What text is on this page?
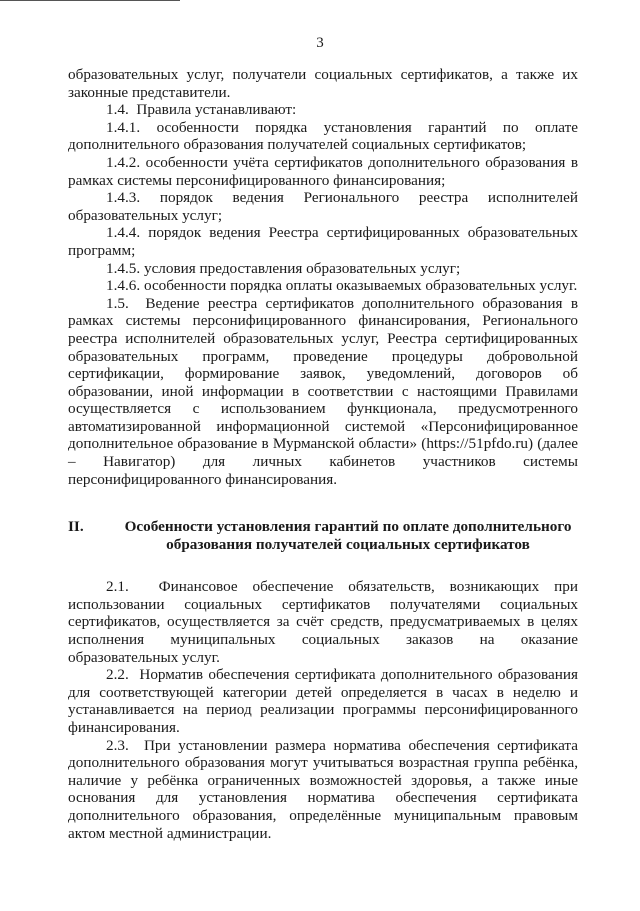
3

образовательных услуг, получатели социальных сертификатов, а также их законные представители.

1.4.  Правила устанавливают:

1.4.1. особенности порядка установления гарантий по оплате дополнительного образования получателей социальных сертификатов;

1.4.2. особенности учёта сертификатов дополнительного образования в рамках системы персонифицированного финансирования;

1.4.3. порядок ведения Регионального реестра исполнителей образовательных услуг;

1.4.4. порядок ведения Реестра сертифицированных образовательных программ;

1.4.5. условия предоставления образовательных услуг;

1.4.6. особенности порядка оплаты оказываемых образовательных услуг.

1.5.  Ведение реестра сертификатов дополнительного образования в рамках системы персонифицированного финансирования, Регионального реестра исполнителей образовательных услуг, Реестра сертифицированных образовательных программ, проведение процедуры добровольной сертификации, формирование заявок, уведомлений, договоров об образовании, иной информации в соответствии с настоящими Правилами осуществляется с использованием функционала, предусмотренного автоматизированной информационной системой «Персонифицированное дополнительное образование в Мурманской области» (https://51pfdo.ru) (далее – Навигатор) для личных кабинетов участников системы персонифицированного финансирования.

II.	Особенности установления гарантий по оплате дополнительного образования получателей социальных сертификатов

2.1.  Финансовое обеспечение обязательств, возникающих при использовании социальных сертификатов получателями социальных сертификатов, осуществляется за счёт средств, предусматриваемых в целях исполнения муниципальных социальных заказов на оказание образовательных услуг.

2.2.  Норматив обеспечения сертификата дополнительного образования для соответствующей категории детей определяется в часах в неделю и устанавливается на период реализации программы персонифицированного финансирования.

2.3.  При установлении размера норматива обеспечения сертификата дополнительного образования могут учитываться возрастная группа ребёнка, наличие у ребёнка ограниченных возможностей здоровья, а также иные основания для установления норматива обеспечения сертификата дополнительного образования, определённые муниципальным правовым актом местной администрации.
